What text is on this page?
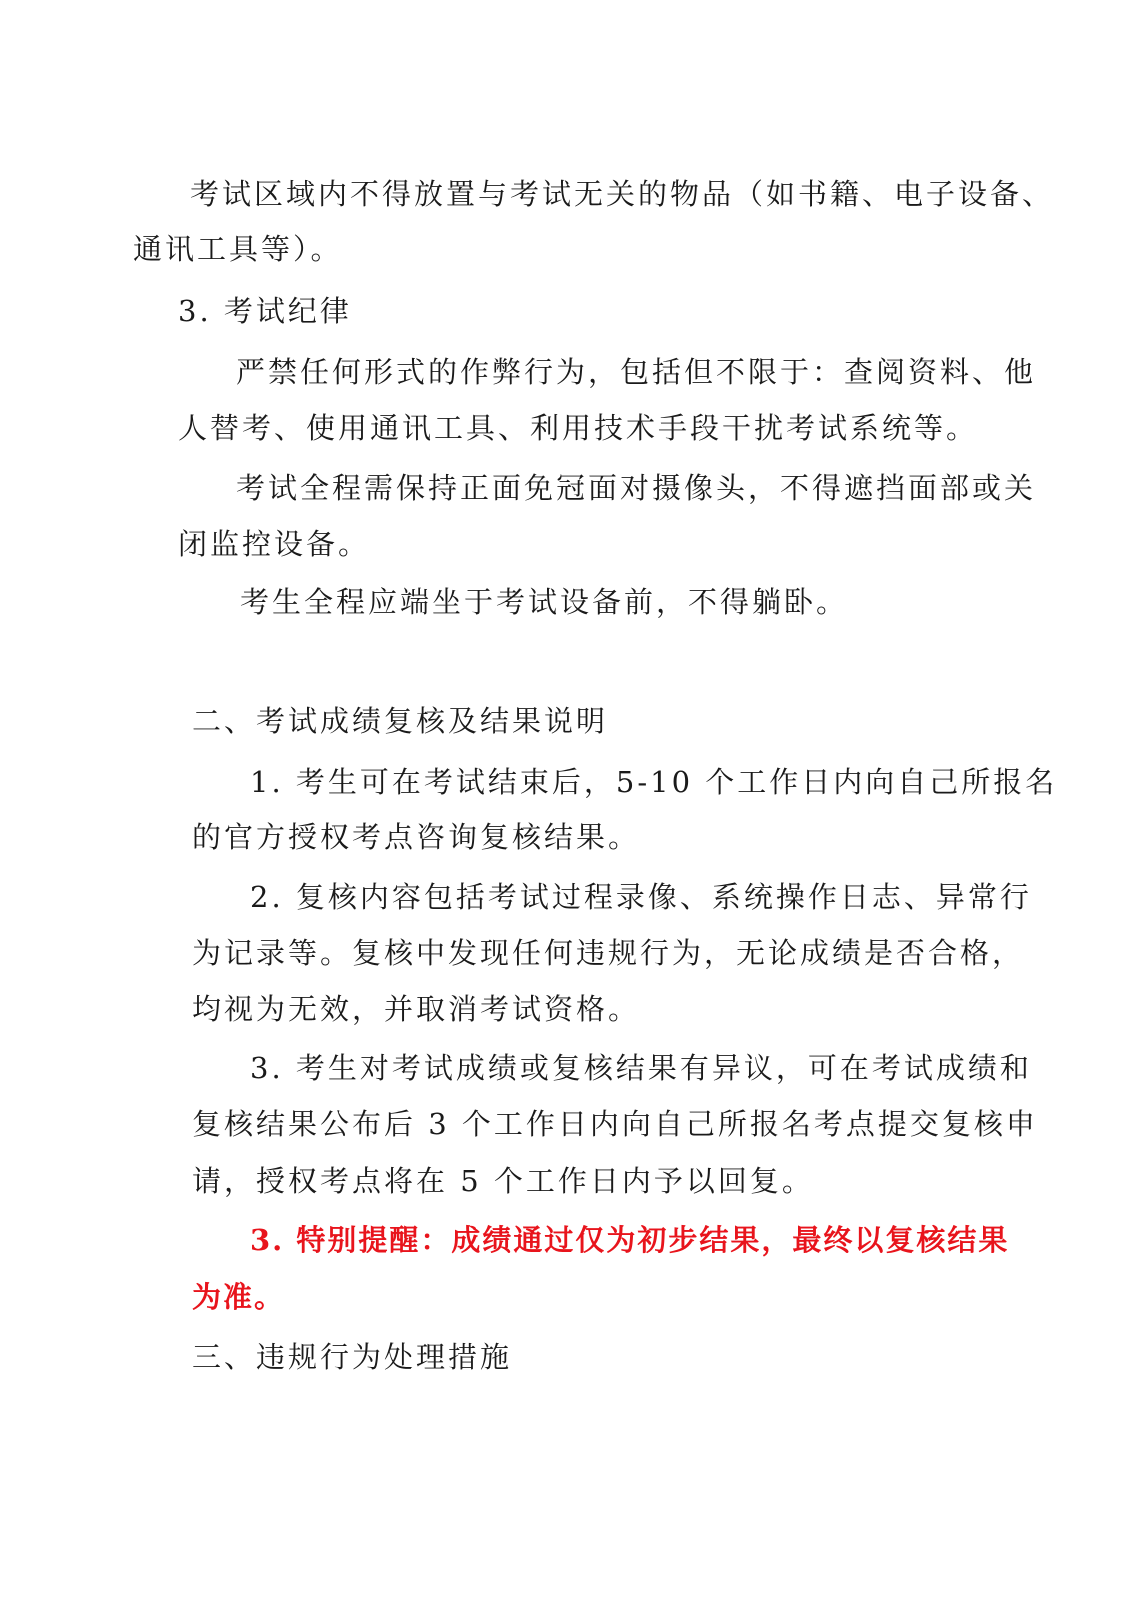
考试区域内不得放置与考试无关的物品（如书籍、电子设备、
通讯工具等）。
3. 考试纪律
严禁任何形式的作弊行为，包括但不限于：查阅资料、他
人替考、使用通讯工具、利用技术手段干扰考试系统等。
考试全程需保持正面免冠面对摄像头，不得遮挡面部或关
闭监控设备。
考生全程应端坐于考试设备前，不得躺卧。
二、考试成绩复核及结果说明
1. 考生可在考试结束后，5-10 个工作日内向自己所报名
的官方授权考点咨询复核结果。
2. 复核内容包括考试过程录像、系统操作日志、异常行
为记录等。复核中发现任何违规行为，无论成绩是否合格，
均视为无效，并取消考试资格。
3. 考生对考试成绩或复核结果有异议，可在考试成绩和
复核结果公布后 3 个工作日内向自己所报名考点提交复核申
请，授权考点将在 5 个工作日内予以回复。
3. 特别提醒：成绩通过仅为初步结果，最终以复核结果
为准。
三、违规行为处理措施
